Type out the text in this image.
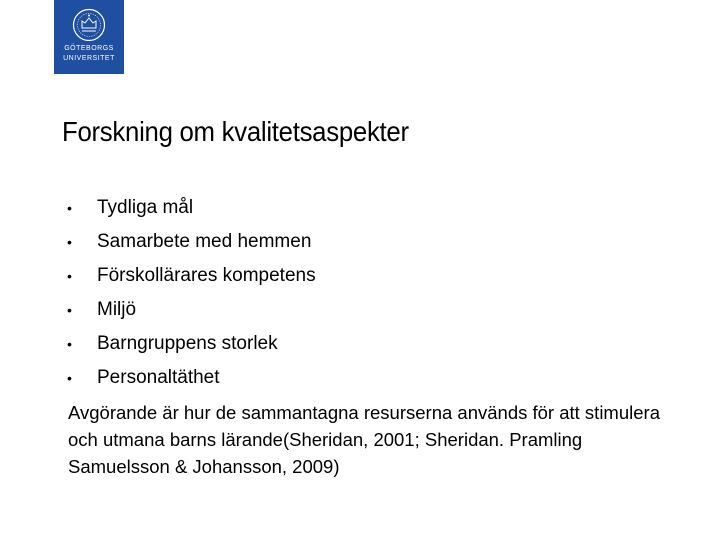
GÖTEBORGS
UNIVERSITET
Forskning om kvalitetsaspekter
• Tydliga mål
• Samarbete med hemmen
• Förskollärares kompetens
• Miljö
• Barngruppens storlek
• Personaltäthet

Avgörande är hur de sammantagna resurserna används för att stimulera och utmana barns lärande(Sheridan, 2001; Sheridan. Pramling Samuelsson & Johansson, 2009)
